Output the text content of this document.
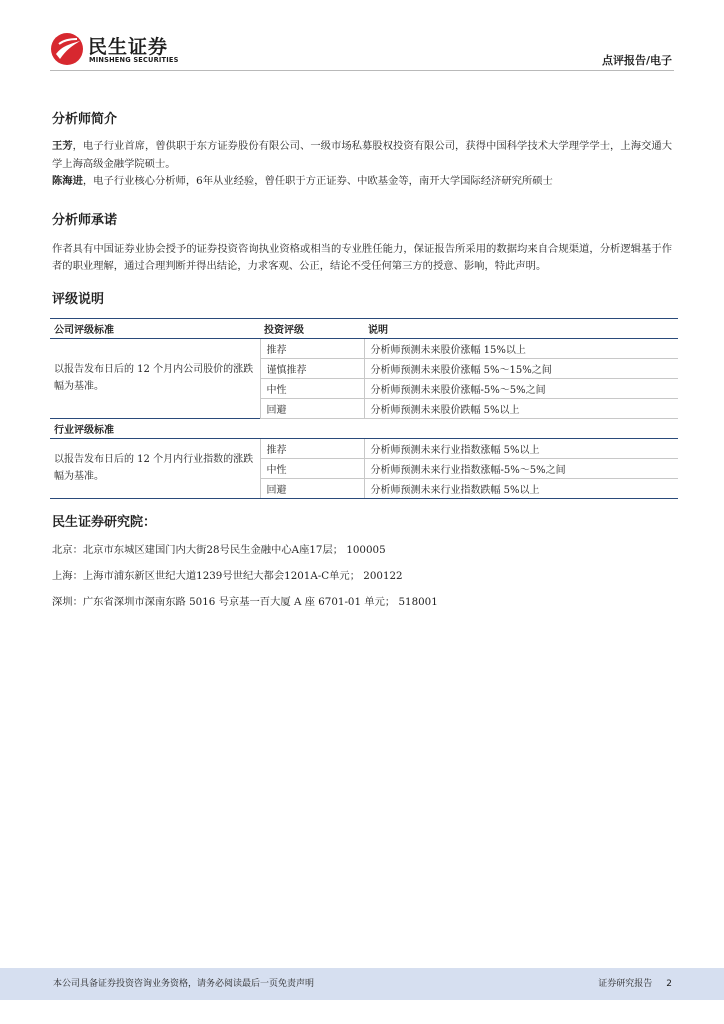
民生证券
MINSHENG SECURITIES	点评报告/电子
分析师简介

王芳，电子行业首席，曾供职于东方证券股份有限公司、一级市场私募股权投资有限公司，获得中国科学技术大学理学学士，上海交通大学上海高级金融学院硕士。

陈海进，电子行业核心分析师，6年从业经验，曾任职于方正证券、中欧基金等，南开大学国际经济研究所硕士

分析师承诺

作者具有中国证券业协会授予的证券投资咨询执业资格或相当的专业胜任能力，保证报告所采用的数据均来自合规渠道，分析逻辑基于作者的职业理解，通过合理判断并得出结论，力求客观、公正，结论不受任何第三方的授意、影响，特此声明。

评级说明
公司评级标准	投资评级	说明
以报告发布日后的 12 个月内公司股价的涨跌幅为基准。	推荐	分析师预测未来股价涨幅 15%以上
	谨慎推荐	分析师预测未来股价涨幅 5%～15%之间
	中性	分析师预测未来股价涨幅-5%～5%之间
	回避	分析师预测未来股价跌幅 5%以上
行业评级标准		
以报告发布日后的 12 个月内行业指数的涨跌幅为基准。	推荐	分析师预测未来行业指数涨幅 5%以上
	中性	分析师预测未来行业指数涨幅-5%～5%之间
	回避	分析师预测未来行业指数跌幅 5%以上
民生证券研究院：

北京：北京市东城区建国门内大街28号民生金融中心A座17层； 100005

上海：上海市浦东新区世纪大道1239号世纪大都会1201A-C单元； 200122

深圳：广东省深圳市深南东路 5016 号京基一百大厦 A 座 6701-01 单元； 518001

本公司具备证券投资咨询业务资格，请务必阅读最后一页免责声明	证券研究报告 2
